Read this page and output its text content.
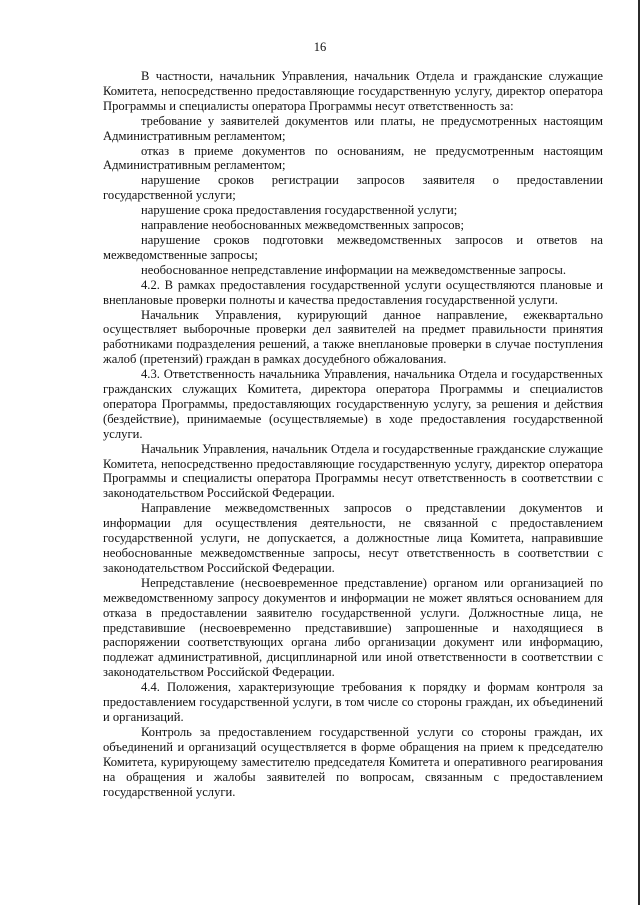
16

В частности, начальник Управления, начальник Отдела и гражданские служащие Комитета, непосредственно предоставляющие государственную услугу, директор оператора Программы и специалисты оператора Программы несут ответственность за:

требование у заявителей документов или платы, не предусмотренных настоящим Административным регламентом;

отказ в приеме документов по основаниям, не предусмотренным настоящим Административным регламентом;

нарушение сроков регистрации запросов заявителя о предоставлении государственной услуги;

нарушение срока предоставления государственной услуги;

направление необоснованных межведомственных запросов;

нарушение сроков подготовки межведомственных запросов и ответов на межведомственные запросы;

необоснованное непредставление информации на межведомственные запросы.

4.2. В рамках предоставления государственной услуги осуществляются плановые и внеплановые проверки полноты и качества предоставления государственной услуги.

Начальник Управления, курирующий данное направление, ежеквартально осуществляет выборочные проверки дел заявителей на предмет правильности принятия работниками подразделения решений, а также внеплановые проверки в случае поступления жалоб (претензий) граждан в рамках досудебного обжалования.

4.3. Ответственность начальника Управления, начальника Отдела и государственных гражданских служащих Комитета, директора оператора Программы и специалистов оператора Программы, предоставляющих государственную услугу, за решения и действия (бездействие), принимаемые (осуществляемые) в ходе предоставления государственной услуги.

Начальник Управления, начальник Отдела и государственные гражданские служащие Комитета, непосредственно предоставляющие государственную услугу, директор оператора Программы и специалисты оператора Программы несут ответственность в соответствии с законодательством Российской Федерации.

Направление межведомственных запросов о представлении документов и информации для осуществления деятельности, не связанной с предоставлением государственной услуги, не допускается, а должностные лица Комитета, направившие необоснованные межведомственные запросы, несут ответственность в соответствии с законодательством Российской Федерации.

Непредставление (несвоевременное представление) органом или организацией по межведомственному запросу документов и информации не может являться основанием для отказа в предоставлении заявителю государственной услуги. Должностные лица, не представившие (несвоевременно представившие) запрошенные и находящиеся в распоряжении соответствующих органа либо организации документ или информацию, подлежат административной, дисциплинарной или иной ответственности в соответствии с законодательством Российской Федерации.

4.4. Положения, характеризующие требования к порядку и формам контроля за предоставлением государственной услуги, в том числе со стороны граждан, их объединений и организаций.

Контроль за предоставлением государственной услуги со стороны граждан, их объединений и организаций осуществляется в форме обращения на прием к председателю Комитета, курирующему заместителю председателя Комитета и оперативного реагирования на обращения и жалобы заявителей по вопросам, связанным с предоставлением государственной услуги.
